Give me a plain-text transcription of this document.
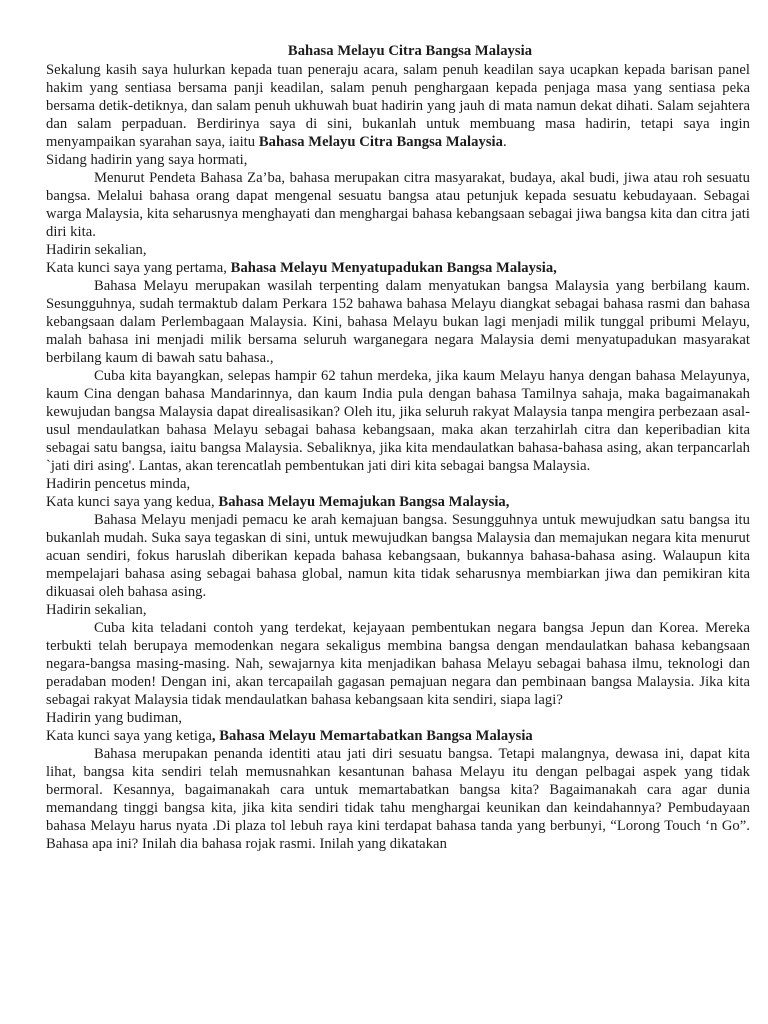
Bahasa Melayu Citra Bangsa Malaysia

Sekalung kasih saya hulurkan kepada tuan peneraju acara, salam penuh keadilan saya ucapkan kepada barisan panel hakim yang sentiasa bersama panji keadilan, salam penuh penghargaan kepada penjaga masa yang sentiasa peka bersama detik-detiknya, dan salam penuh ukhuwah buat hadirin yang jauh di mata namun dekat dihati. Salam sejahtera dan salam perpaduan. Berdirinya saya di sini, bukanlah untuk membuang masa hadirin, tetapi saya ingin menyampaikan syarahan saya, iaitu Bahasa Melayu Citra Bangsa Malaysia.

Sidang hadirin yang saya hormati,

Menurut Pendeta Bahasa Za’ba, bahasa merupakan citra masyarakat, budaya, akal budi, jiwa atau roh sesuatu bangsa. Melalui bahasa orang dapat mengenal sesuatu bangsa atau petunjuk kepada sesuatu kebudayaan. Sebagai warga Malaysia, kita seharusnya menghayati dan menghargai bahasa kebangsaan sebagai jiwa bangsa kita dan citra jati diri kita.

Hadirin sekalian,

Kata kunci saya yang pertama, Bahasa Melayu Menyatupadukan Bangsa Malaysia,

Bahasa Melayu merupakan wasilah terpenting dalam menyatukan bangsa Malaysia yang berbilang kaum. Sesungguhnya, sudah termaktub dalam Perkara 152 bahawa bahasa Melayu diangkat sebagai bahasa rasmi dan bahasa kebangsaan dalam Perlembagaan Malaysia. Kini, bahasa Melayu bukan lagi menjadi milik tunggal pribumi Melayu, malah bahasa ini menjadi milik bersama seluruh warganegara negara Malaysia demi menyatupadukan masyarakat berbilang kaum di bawah satu bahasa.,

Cuba kita bayangkan, selepas hampir 62 tahun merdeka, jika kaum Melayu hanya dengan bahasa Melayunya, kaum Cina dengan bahasa Mandarinnya, dan kaum India pula dengan bahasa Tamilnya sahaja, maka bagaimanakah kewujudan bangsa Malaysia dapat direalisasikan? Oleh itu, jika seluruh rakyat Malaysia tanpa mengira perbezaan asal-usul mendaulatkan bahasa Melayu sebagai bahasa kebangsaan, maka akan terzahirlah citra dan keperibadian kita sebagai satu bangsa, iaitu bangsa Malaysia. Sebaliknya, jika kita mendaulatkan bahasa-bahasa asing, akan terpancarlah `jati diri asing'. Lantas, akan terencatlah pembentukan jati diri kita sebagai bangsa Malaysia.

Hadirin pencetus minda,

Kata kunci saya yang kedua, Bahasa Melayu Memajukan Bangsa Malaysia,

Bahasa Melayu menjadi pemacu ke arah kemajuan bangsa. Sesungguhnya untuk mewujudkan satu bangsa itu bukanlah mudah. Suka saya tegaskan di sini, untuk mewujudkan bangsa Malaysia dan memajukan negara kita menurut acuan sendiri, fokus haruslah diberikan kepada bahasa kebangsaan, bukannya bahasa-bahasa asing. Walaupun kita mempelajari bahasa asing sebagai bahasa global, namun kita tidak seharusnya membiarkan jiwa dan pemikiran kita dikuasai oleh bahasa asing.

Hadirin sekalian,

Cuba kita teladani contoh yang terdekat, kejayaan pembentukan negara bangsa Jepun dan Korea. Mereka terbukti telah berupaya memodenkan negara sekaligus membina bangsa dengan mendaulatkan bahasa kebangsaan negara-bangsa masing-masing. Nah, sewajarnya kita menjadikan bahasa Melayu sebagai bahasa ilmu, teknologi dan peradaban moden! Dengan ini, akan tercapailah gagasan pemajuan negara dan pembinaan bangsa Malaysia. Jika kita sebagai rakyat Malaysia tidak mendaulatkan bahasa kebangsaan kita sendiri, siapa lagi?

Hadirin yang budiman,

Kata kunci saya yang ketiga, Bahasa Melayu Memartabatkan Bangsa Malaysia

Bahasa merupakan penanda identiti atau jati diri sesuatu bangsa. Tetapi malangnya, dewasa ini, dapat kita lihat, bangsa kita sendiri telah memusnahkan kesantunan bahasa Melayu itu dengan pelbagai aspek yang tidak bermoral. Kesannya, bagaimanakah cara untuk memartabatkan bangsa kita? Bagaimanakah cara agar dunia memandang tinggi bangsa kita, jika kita sendiri tidak tahu menghargai keunikan dan keindahannya? Pembudayaan bahasa Melayu harus nyata .Di plaza tol lebuh raya kini terdapat bahasa tanda yang berbunyi, “Lorong Touch ‘n Go”. Bahasa apa ini? Inilah dia bahasa rojak rasmi. Inilah yang dikatakan
